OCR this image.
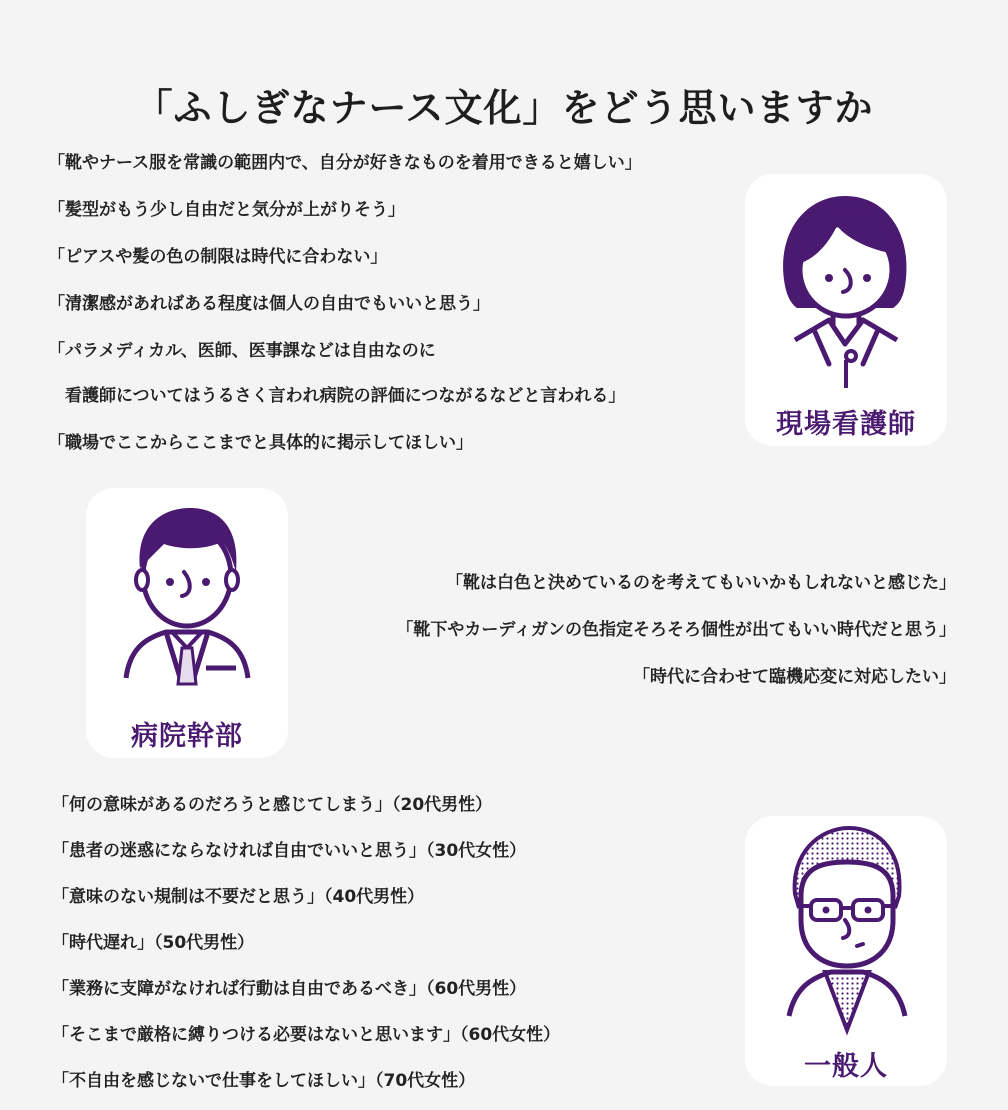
「ふしぎなナース文化」をどう思いますか
「靴やナース服を常識の範囲内で、自分が好きなものを着用できると嬉しい」
「髪型がもう少し自由だと気分が上がりそう」
「ピアスや髪の色の制限は時代に合わない」
「清潔感があればある程度は個人の自由でもいいと思う」
「パラメディカル、医師、医事課などは自由なのに
　看護師についてはうるさく言われ病院の評価につながるなどと言われる」
「職場でここからここまでと具体的に掲示してほしい」
現場看護師
病院幹部
「靴は白色と決めているのを考えてもいいかもしれないと感じた」
「靴下やカーディガンの色指定そろそろ個性が出てもいい時代だと思う」
「時代に合わせて臨機応変に対応したい」
「何の意味があるのだろうと感じてしまう」（20代男性）
「患者の迷惑にならなければ自由でいいと思う」（30代女性）
「意味のない規制は不要だと思う」（40代男性）
「時代遅れ」（50代男性）
「業務に支障がなければ行動は自由であるべき」（60代男性）
「そこまで厳格に縛りつける必要はないと思います」（60代女性）
「不自由を感じないで仕事をしてほしい」（70代女性）	一般人
